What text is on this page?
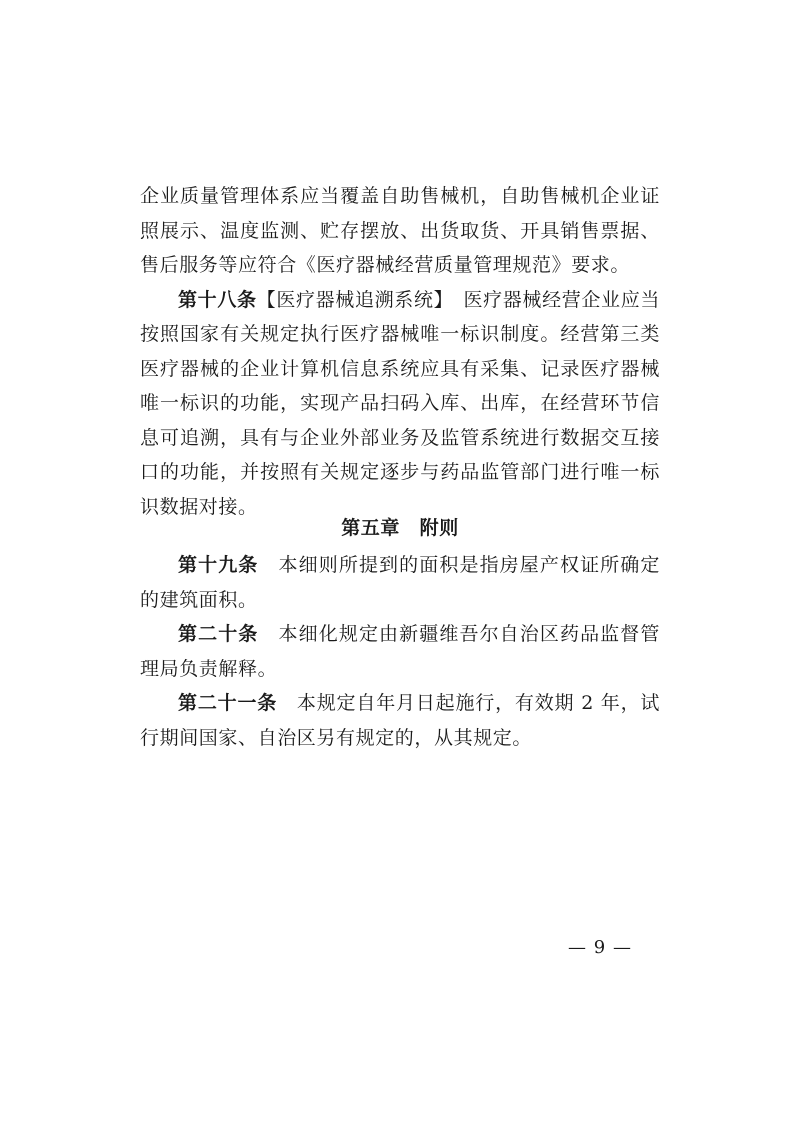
企业质量管理体系应当覆盖自助售械机，自助售械机企业证照展示、温度监测、贮存摆放、出货取货、开具销售票据、售后服务等应符合《医疗器械经营质量管理规范》要求。

第十八条【医疗器械追溯系统】　 医疗器械经营企业应当按照国家有关规定执行医疗器械唯一标识制度。经营第三类医疗器械的企业计算机信息系统应具有采集、记录医疗器械唯一标识的功能，实现产品扫码入库、出库，在经营环节信息可追溯，具有与企业外部业务及监管系统进行数据交互接口的功能，并按照有关规定逐步与药品监管部门进行唯一标识数据对接。

第五章　附则

第十九条　 本细则所提到的面积是指房屋产权证所确定的建筑面积。

第二十条　 本细化规定由新疆维吾尔自治区药品监督管理局负责解释。

第二十一条　 本规定自年月日起施行，有效期 2 年，试行期间国家、自治区另有规定的，从其规定。

— 9 —
